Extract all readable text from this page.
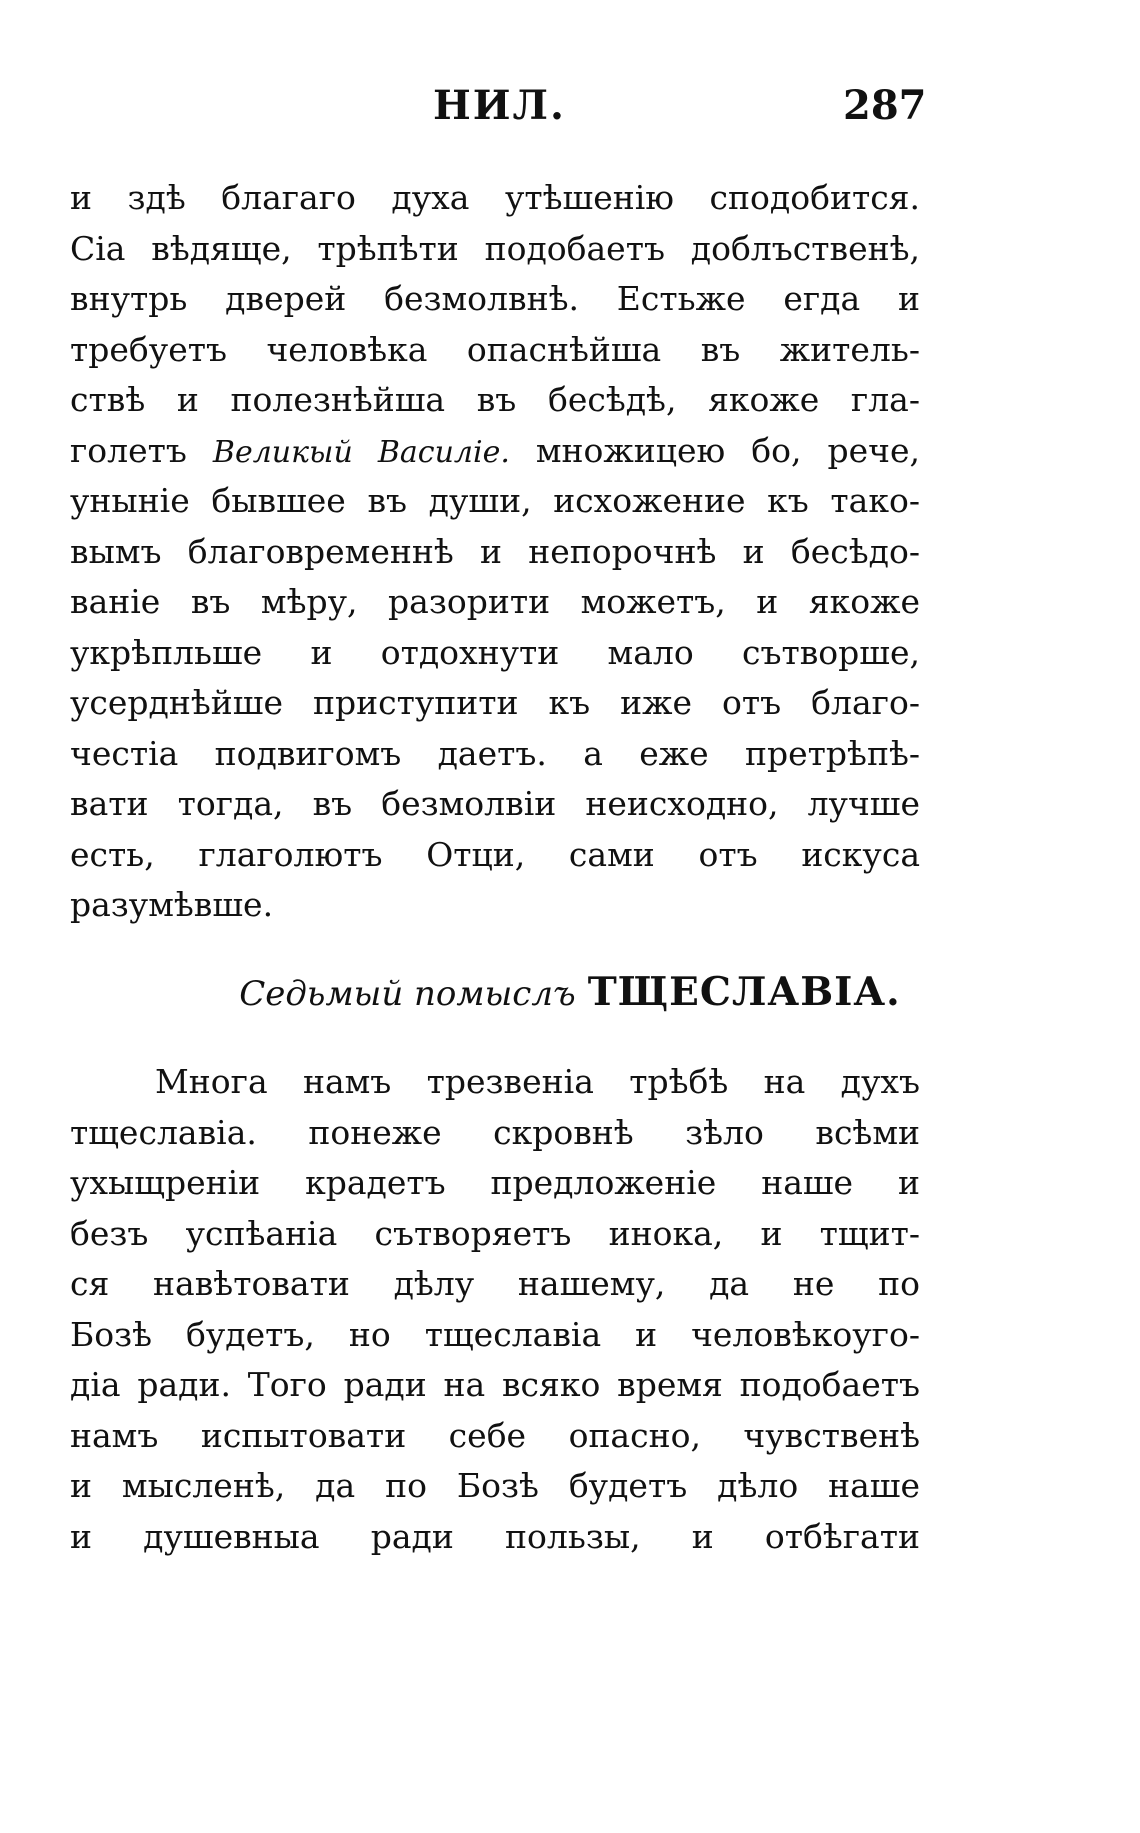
НИЛ.	287
и здѣ благаго духа утѣшенію сподобится.
Сіа вѣдяще, трѣпѣти подобаетъ доблъственѣ,
внутрь дверей безмолвнѣ. Естьже егда и
требуетъ человѣка опаснѣйша въ житель-
ствѣ и полезнѣйша въ бесѣдѣ, якоже гла-
голетъ Великый Василіе. множицею бо, рече,
уныніе бывшее въ души, исхожение къ тако-
вымъ благовременнѣ и непорочнѣ и бесѣдо-
ваніе въ мѣру, разорити можетъ, и якоже
укрѣпльше и отдохнути мало сътворше,
усерднѣйше приступити къ иже отъ благо-
честіа подвигомъ даетъ. а еже претрѣпѣ-
вати тогда, въ безмолвіи неисходно, лучше
есть, глаголютъ Отци, сами отъ искуса
разумѣвше.
Седьмый помыслъ ТЩЕСЛАВІА.
Многа намъ трезвеніа трѣбѣ на духъ
тщеславіа. понеже скровнѣ зѣло всѣми
ухыщреніи крадетъ предложеніе наше и
безъ успѣаніа сътворяетъ инока, и тщит-
ся навѣтовати дѣлу нашему, да не по
Бозѣ будетъ, но тщеславіа и человѣкоуго-
діа ради. Того ради на всяко время подобаетъ
намъ испытовати себе опасно, чувственѣ
и мысленѣ, да по Бозѣ будетъ дѣло наше
и душевныа ради пользы, и отбѣгати
